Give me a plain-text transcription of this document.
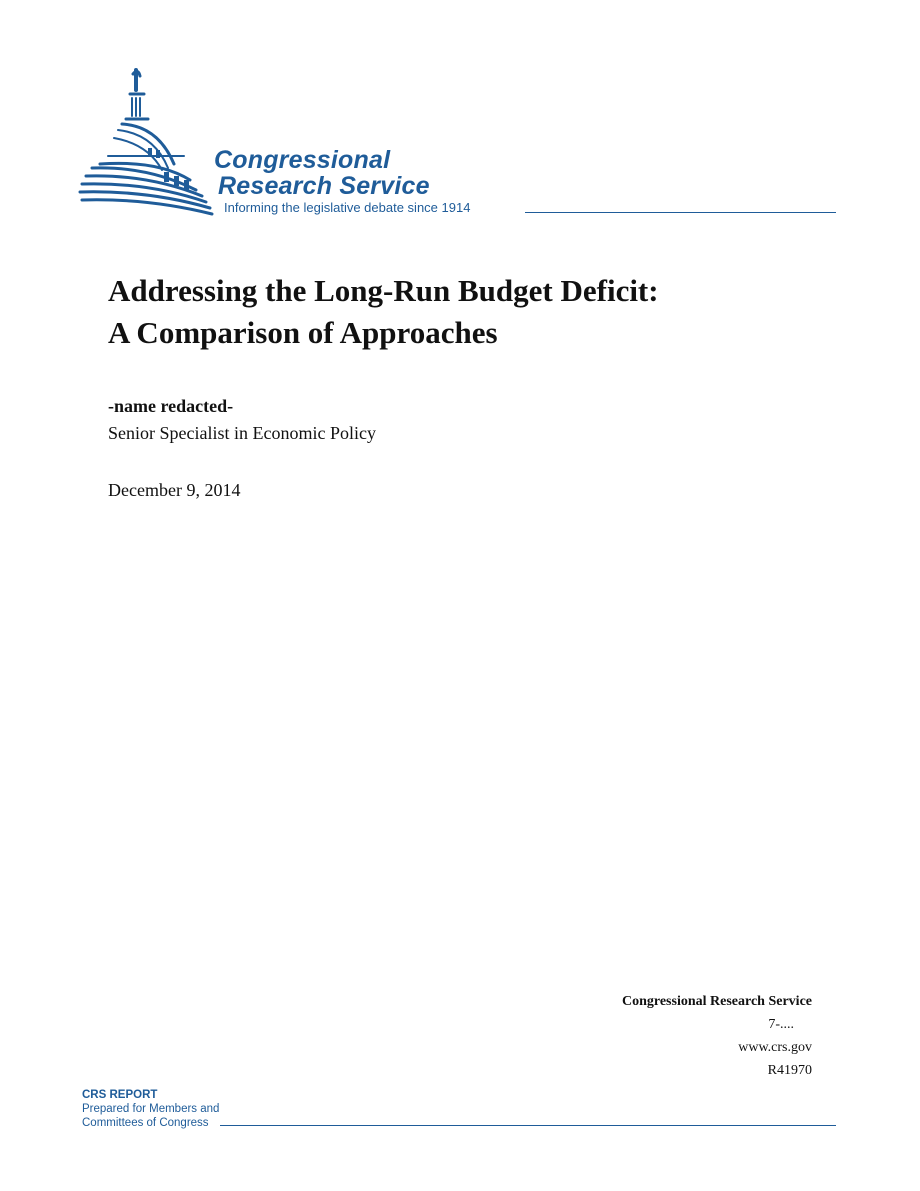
Congressional
Research Service
Informing the legislative debate since 1914
Addressing the Long-Run Budget Deficit:
A Comparison of Approaches
-name redacted-
Senior Specialist in Economic Policy
December 9, 2014
Congressional Research Service
7-....
www.crs.gov
R41970
CRS REPORT
Prepared for Members and
Committees of Congress
